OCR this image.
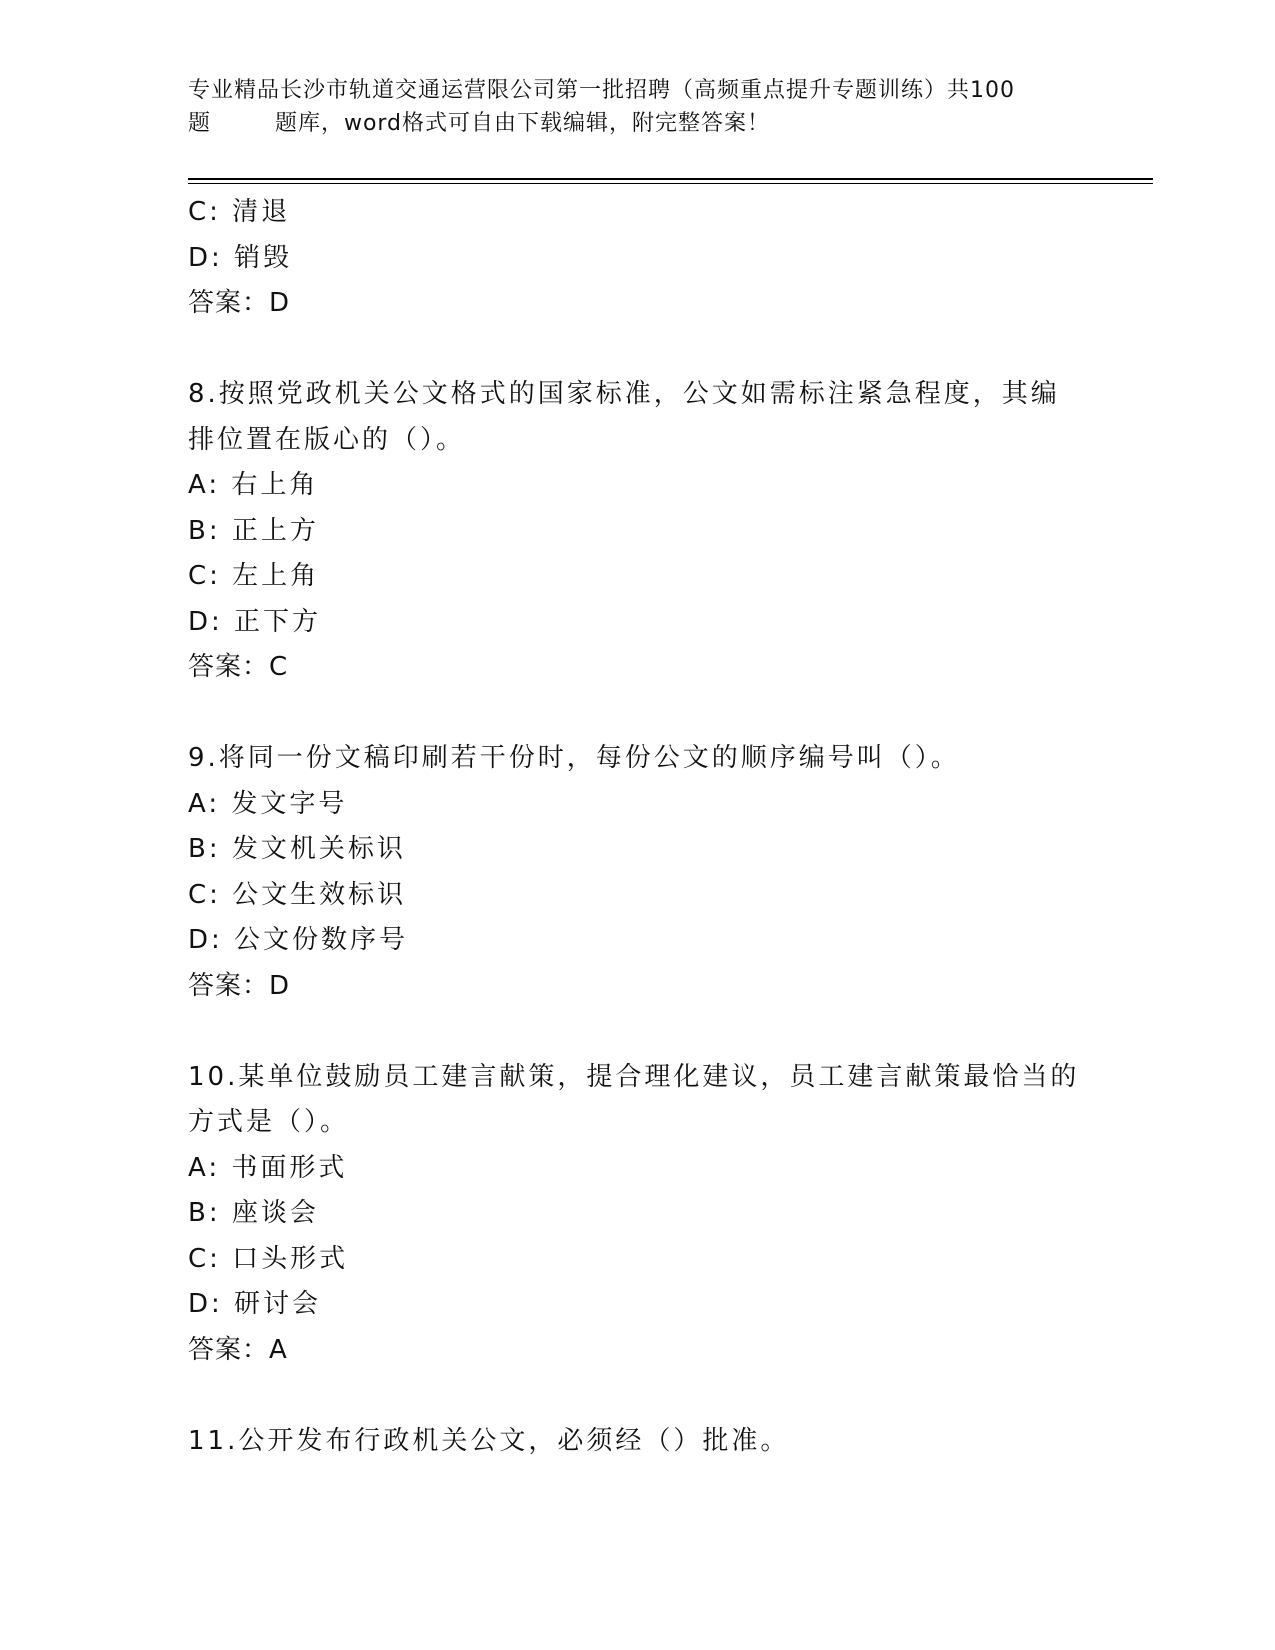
专业精品长沙市轨道交通运营限公司第一批招聘（高频重点提升专题训练）共100
题        题库，word格式可自由下载编辑，附完整答案！
C: 清退
D: 销毁
答案：D
8.按照党政机关公文格式的国家标准，公文如需标注紧急程度，其编
排位置在版心的（）。
A: 右上角
B: 正上方
C: 左上角
D: 正下方
答案：C
9.将同一份文稿印刷若干份时，每份公文的顺序编号叫（）。
A: 发文字号
B: 发文机关标识
C: 公文生效标识
D: 公文份数序号
答案：D
10.某单位鼓励员工建言献策，提合理化建议，员工建言献策最恰当的
方式是（）。
A: 书面形式
B: 座谈会
C: 口头形式
D: 研讨会
答案：A
11.公开发布行政机关公文，必须经（）批准。
